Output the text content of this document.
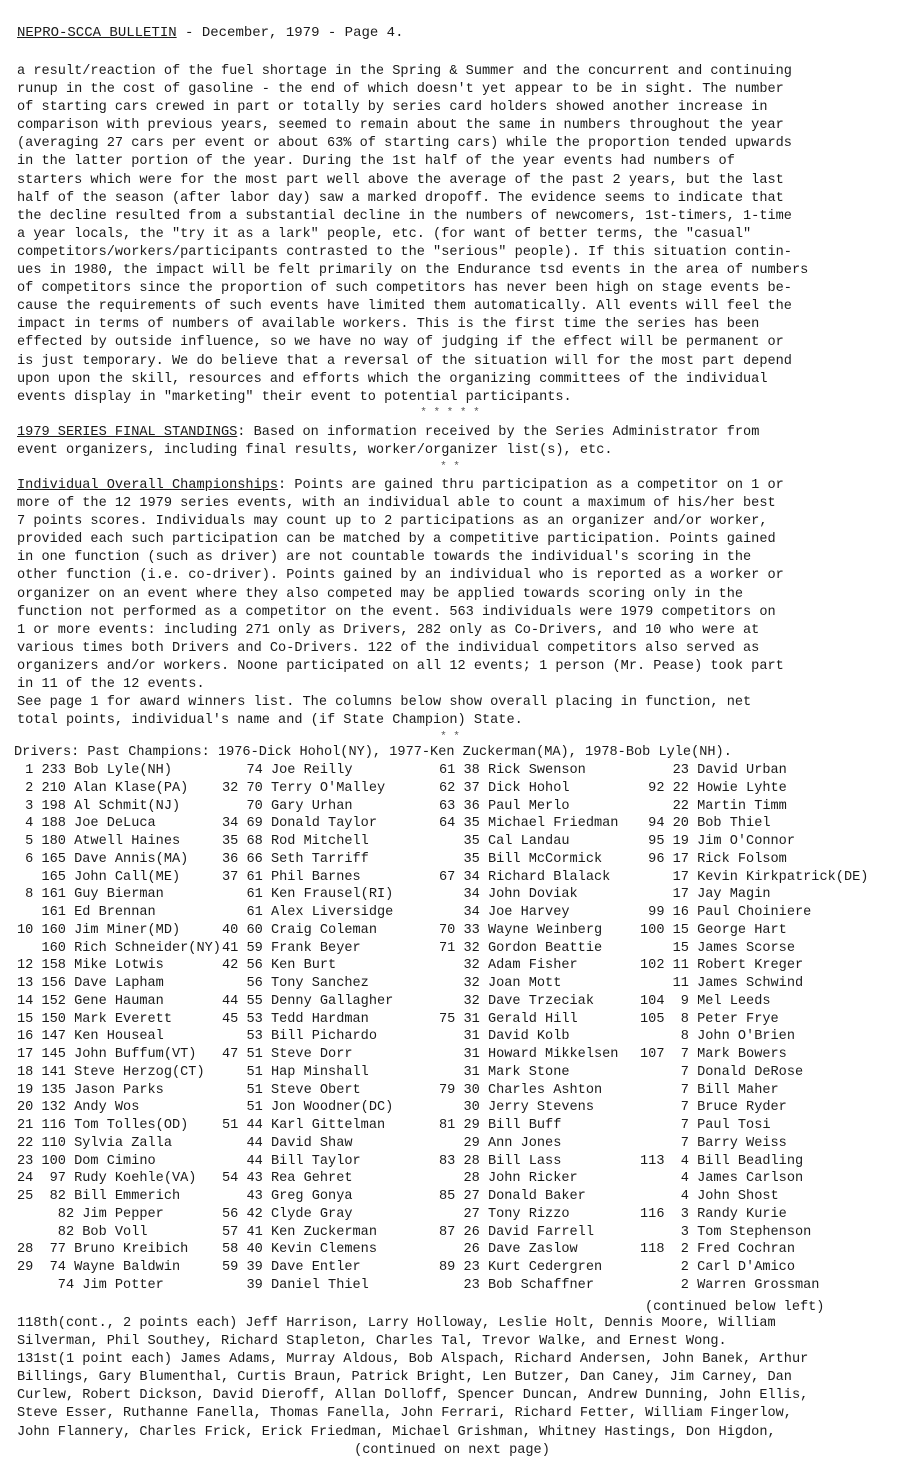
NEPRO-SCCA BULLETIN - December, 1979 - Page 4.
a result/reaction of the fuel shortage in the Spring & Summer and the concurrent and continuing
runup in the cost of gasoline - the end of which doesn't yet appear to be in sight. The number
of starting cars crewed in part or totally by series card holders showed another increase in
comparison with previous years, seemed to remain about the same in numbers throughout the year
(averaging 27 cars per event or about 63% of starting cars) while the proportion tended upwards
in the latter portion of the year. During the 1st half of the year events had numbers of
starters which were for the most part well above the average of the past 2 years, but the last
half of the season (after labor day) saw a marked dropoff. The evidence seems to indicate that
the decline resulted from a substantial decline in the numbers of newcomers, 1st-timers, 1-time
a year locals, the "try it as a lark" people, etc. (for want of better terms, the "casual"
competitors/workers/participants contrasted to the "serious" people). If this situation contin-
ues in 1980, the impact will be felt primarily on the Endurance tsd events in the area of numbers
of competitors since the proportion of such competitors has never been high on stage events be-
cause the requirements of such events have limited them automatically. All events will feel the
impact in terms of numbers of available workers. This is the first time the series has been
effected by outside influence, so we have no way of judging if the effect will be permanent or
is just temporary. We do believe that a reversal of the situation will for the most part depend
upon upon the skill, resources and efforts which the organizing committees of the individual
events display in "marketing" their event to potential participants.
* * * * *
1979 SERIES FINAL STANDINGS: Based on information received by the Series Administrator from
event organizers, including final results, worker/organizer list(s), etc.
* *
Individual Overall Championships: Points are gained thru participation as a competitor on 1 or
more of the 12 1979 series events, with an individual able to count a maximum of his/her best
7 points scores. Individuals may count up to 2 participations as an organizer and/or worker,
provided each such participation can be matched by a competitive participation. Points gained
in one function (such as driver) are not countable towards the individual's scoring in the
other function (i.e. co-driver). Points gained by an individual who is reported as a worker or
organizer on an event where they also competed may be applied towards scoring only in the
function not performed as a competitor on the event. 563 individuals were 1979 competitors on
1 or more events: including 271 only as Drivers, 282 only as Co-Drivers, and 10 who were at
various times both Drivers and Co-Drivers. 122 of the individual competitors also served as
organizers and/or workers. Noone participated on all 12 events; 1 person (Mr. Pease) took part
in 11 of the 12 events.
See page 1 for award winners list. The columns below show overall placing in function, net
total points, individual's name and (if State Champion) State.
* *
Drivers: Past Champions: 1976-Dick Hohol(NY), 1977-Ken Zuckerman(MA), 1978-Bob Lyle(NH).
1 233 Bob Lyle(NH)
2 210 Alan Klase(PA)
3 198 Al Schmit(NJ)
4 188 Joe DeLuca
5 180 Atwell Haines
6 165 Dave Annis(MA)
165 John Call(ME)
8 161 Guy Bierman
161 Ed Brennan
10 160 Jim Miner(MD)
160 Rich Schneider(NY)
12 158 Mike Lotwis
13 156 Dave Lapham
14 152 Gene Hauman
15 150 Mark Everett
16 147 Ken Houseal
17 145 John Buffum(VT)
18 141 Steve Herzog(CT)
19 135 Jason Parks
20 132 Andy Wos
21 116 Tom Tolles(OD)
22 110 Sylvia Zalla
23 100 Dom Cimino
24  97 Rudy Koehle(VA)
25  82 Bill Emmerich
82 Jim Pepper
82 Bob Voll
28  77 Bruno Kreibich
29  74 Wayne Baldwin
74 Jim Potter
74 Joe Reilly
32 70 Terry O'Malley
70 Gary Urhan
34 69 Donald Taylor
35 68 Rod Mitchell
36 66 Seth Tarriff
37 61 Phil Barnes
61 Ken Frausel(RI)
61 Alex Liversidge
40 60 Craig Coleman
41 59 Frank Beyer
42 56 Ken Burt
56 Tony Sanchez
44 55 Denny Gallagher
45 53 Tedd Hardman
53 Bill Pichardo
47 51 Steve Dorr
51 Hap Minshall
51 Steve Obert
51 Jon Woodner(DC)
51 44 Karl Gittelman
44 David Shaw
44 Bill Taylor
54 43 Rea Gehret
43 Greg Gonya
56 42 Clyde Gray
57 41 Ken Zuckerman
58 40 Kevin Clemens
59 39 Dave Entler
39 Daniel Thiel
61 38 Rick Swenson
62 37 Dick Hohol
63 36 Paul Merlo
64 35 Michael Friedman
35 Cal Landau
35 Bill McCormick
67 34 Richard Blalack
34 John Doviak
34 Joe Harvey
70 33 Wayne Weinberg
71 32 Gordon Beattie
32 Adam Fisher
32 Joan Mott
32 Dave Trzeciak
75 31 Gerald Hill
31 David Kolb
31 Howard Mikkelsen
31 Mark Stone
79 30 Charles Ashton
30 Jerry Stevens
81 29 Bill Buff
29 Ann Jones
83 28 Bill Lass
28 John Ricker
85 27 Donald Baker
27 Tony Rizzo
87 26 David Farrell
26 Dave Zaslow
89 23 Kurt Cedergren
23 Bob Schaffner
23 David Urban
92 22 Howie Lyhte
22 Martin Timm
94 20 Bob Thiel
95 19 Jim O'Connor
96 17 Rick Folsom
17 Kevin Kirkpatrick(DE)
17 Jay Magin
99 16 Paul Choiniere
100 15 George Hart
15 James Scorse
102 11 Robert Kreger
11 James Schwind
104  9 Mel Leeds
105  8 Peter Frye
8 John O'Brien
107  7 Mark Bowers
7 Donald DeRose
7 Bill Maher
7 Bruce Ryder
7 Paul Tosi
7 Barry Weiss
113  4 Bill Beadling
4 James Carlson
4 John Shost
116  3 Randy Kurie
3 Tom Stephenson
118  2 Fred Cochran
2 Carl D'Amico
2 Warren Grossman
(continued below left)
118th(cont., 2 points each) Jeff Harrison, Larry Holloway, Leslie Holt, Dennis Moore, William
Silverman, Phil Southey, Richard Stapleton, Charles Tal, Trevor Walke, and Ernest Wong.
131st(1 point each) James Adams, Murray Aldous, Bob Alspach, Richard Andersen, John Banek, Arthur
Billings, Gary Blumenthal, Curtis Braun, Patrick Bright, Len Butzer, Dan Caney, Jim Carney, Dan
Curlew, Robert Dickson, David Dieroff, Allan Dolloff, Spencer Duncan, Andrew Dunning, John Ellis,
Steve Esser, Ruthanne Fanella, Thomas Fanella, John Ferrari, Richard Fetter, William Fingerlow,
John Flannery, Charles Frick, Erick Friedman, Michael Grishman, Whitney Hastings, Don Higdon,
(continued on next page)
